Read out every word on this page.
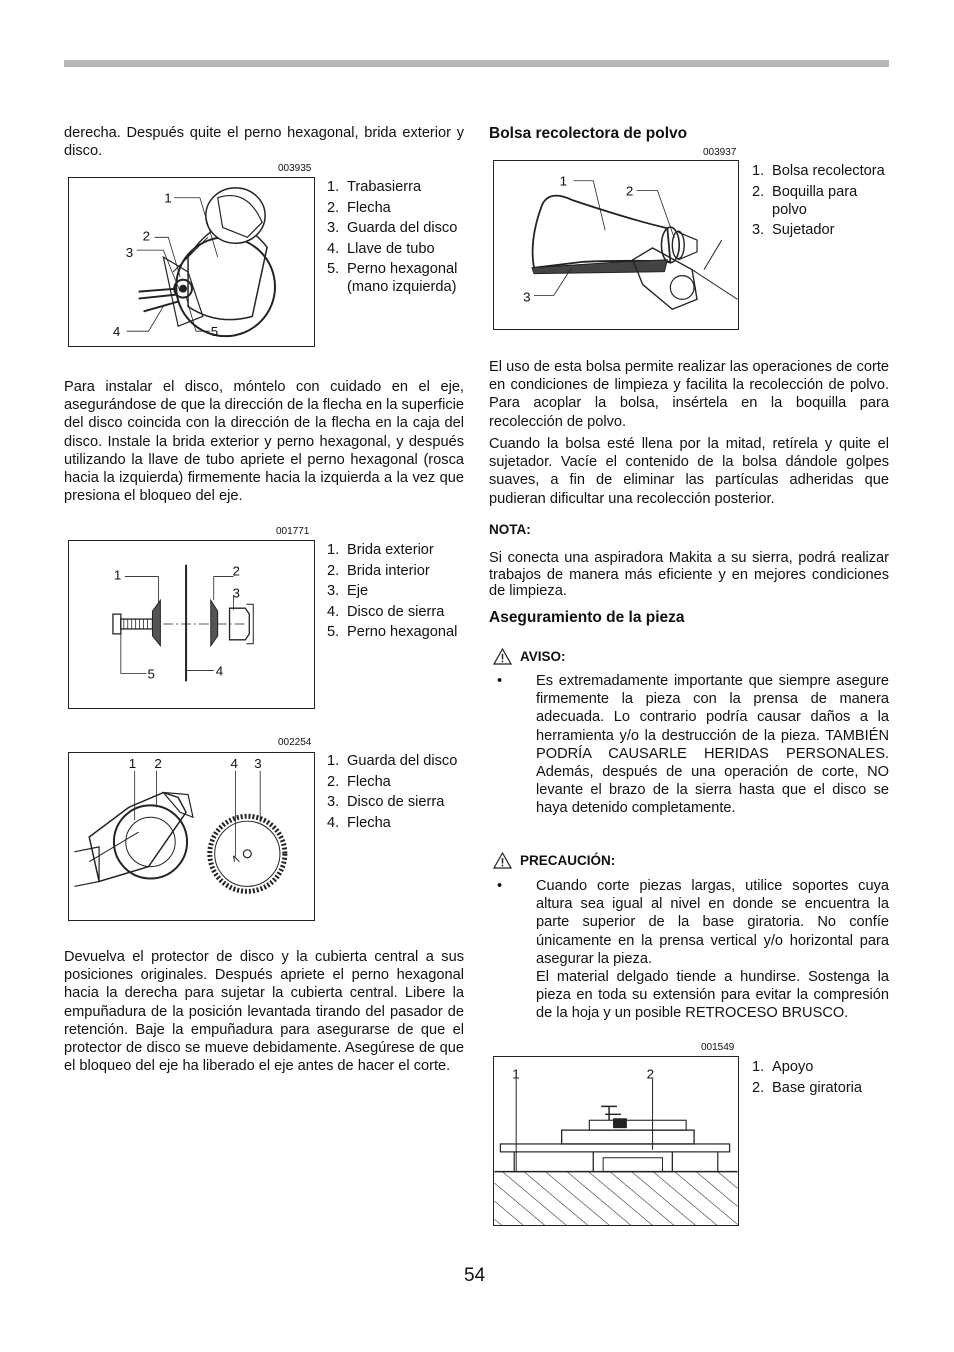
derecha. Después quite el perno hexagonal, brida exterior y disco.

003935
1
2
3
4	5
1. Trabasierra
2. Flecha
3. Guarda del disco
4. Llave de tubo
5. Perno hexagonal (mano izquierda)

Para instalar el disco, móntelo con cuidado en el eje, asegurándose de que la dirección de la flecha en la superficie del disco coincida con la dirección de la flecha en la caja del disco. Instale la brida exterior y perno hexagonal, y después utilizando la llave de tubo apriete el perno hexagonal (rosca hacia la izquierda) firmemente hacia la izquierda a la vez que presiona el bloqueo del eje.

001771
1	2
3
4
5
1. Brida exterior
2. Brida interior
3. Eje
4. Disco de sierra
5. Perno hexagonal
002254
1 2	4 3	1. Guarda del disco
2. Flecha
3. Disco de sierra
4. Flecha

Devuelva el protector de disco y la cubierta central a sus posiciones originales. Después apriete el perno hexagonal hacia la derecha para sujetar la cubierta central. Libere la empuñadura de la posición levantada tirando del pasador de retención. Baje la empuñadura para asegurarse de que el protector de disco se mueve debidamente. Asegúrese de que el bloqueo del eje ha liberado el eje antes de hacer el corte.

Bolsa recolectora de polvo
003937
1
2
3
1. Bolsa recolectora
2. Boquilla para polvo
3. Sujetador

El uso de esta bolsa permite realizar las operaciones de corte en condiciones de limpieza y facilita la recolección de polvo. Para acoplar la bolsa, insértela en la boquilla para recolección de polvo.

Cuando la bolsa esté llena por la mitad, retírela y quite el sujetador. Vacíe el contenido de la bolsa dándole golpes suaves, a fin de eliminar las partículas adheridas que pudieran dificultar una recolección posterior.

NOTA:

Si conecta una aspiradora Makita a su sierra, podrá realizar trabajos de manera más eficiente y en mejores condiciones de limpieza.

Aseguramiento de la pieza
AVISO:
• Es extremadamente importante que siempre asegure firmemente la pieza con la prensa de manera adecuada. Lo contrario podría causar daños a la herramienta y/o la destrucción de la pieza. TAMBIÉN PODRÍA CAUSARLE HERIDAS PERSONALES. Además, después de una operación de corte, NO levante el brazo de la sierra hasta que el disco se haya detenido completamente.
PRECAUCIÓN:
• Cuando corte piezas largas, utilice soportes cuya altura sea igual al nivel en donde se encuentra la parte superior de la base giratoria. No confíe únicamente en la prensa vertical y/o horizontal para asegurar la pieza.
El material delgado tiende a hundirse. Sostenga la pieza en toda su extensión para evitar la compresión de la hoja y un posible RETROCESO BRUSCO.
001549
1	2	1. Apoyo
2. Base giratoria
54
